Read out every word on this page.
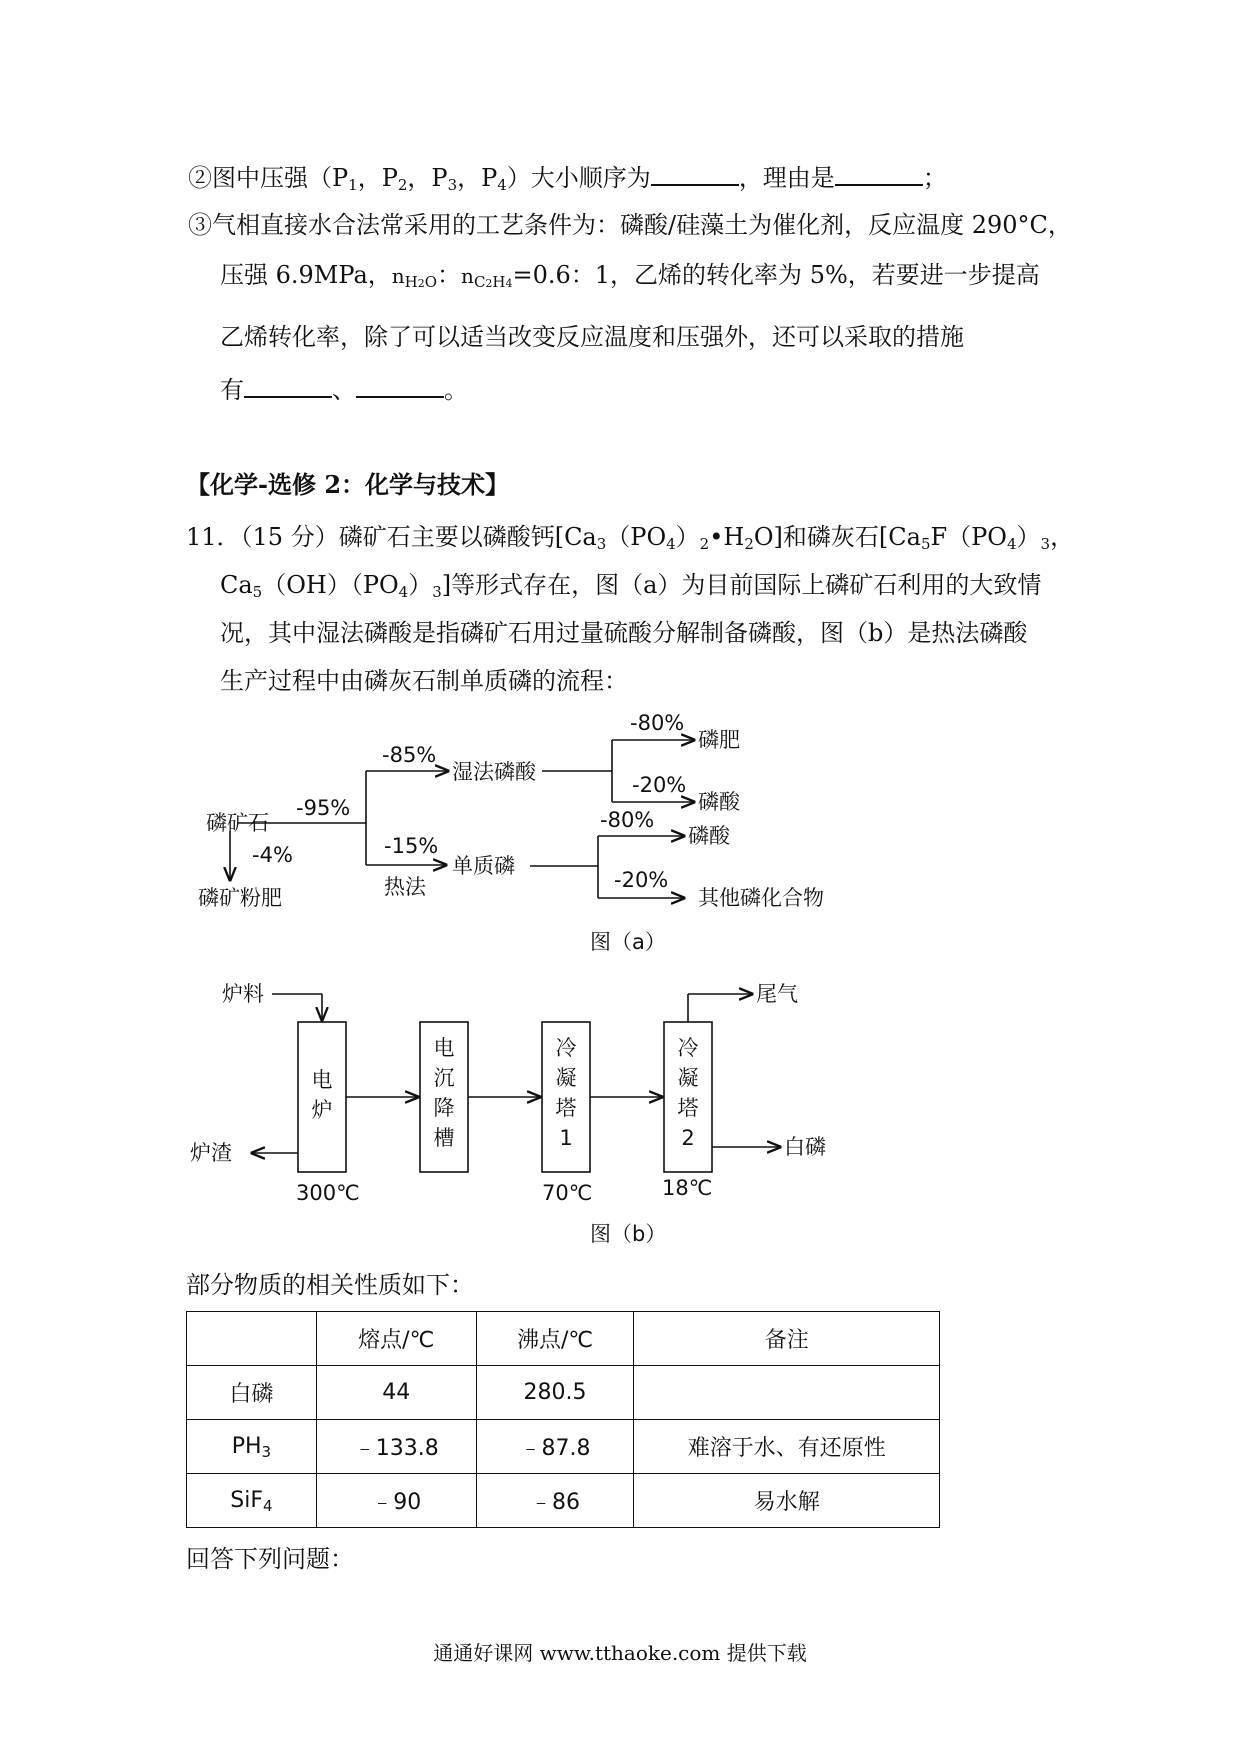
②图中压强（$P_1$，$P_2$，$P_3$，$P_4$）大小顺序为	，理由是	；
③气相直接水合法常采用的工艺条件为：磷酸/硅藻土为催化剂，反应温度 290°C，
压强 6.9MPa，$n_{H2O}$：$n_{C2H4}=0.6$：1，乙烯的转化率为 5%，若要进一步提高
乙烯转化率，除了可以适当改变反应温度和压强外，还可以采取的措施
有	、	。
【化学-选修 2：化学与技术】
11．（15 分）磷矿石主要以磷酸钙$[Ca_3(PO_4)_2•H_2O]$和磷灰石[$Ca_5F(PO_4)_3$，
$Ca_5(OH)(PO_4)_3$]等形式存在，图（a）为目前国际上磷矿石利用的大致情
况，其中湿法磷酸是指磷矿石用过量硫酸分解制备磷酸，图（b）是热法磷酸
生产过程中由磷灰石制单质磷的流程：
磷矿石
-95%
-4%
磷矿粉肥
-85%
湿法磷酸
-15%
热法
单质磷
-80%
磷肥
-20%
磷酸
-80%
磷酸
-20%
其他磷化合物
图（a）
炉料
炉渣
尾气
白磷
300℃	70℃	18℃
图（b）
电
炉
电
沉
降
槽
冷
凝
塔
1
冷
凝
塔
2
部分物质的相关性质如下：
	熔点/℃	沸点/℃	备注
白磷	44	280.5	
$PH_3$	﹣133.8	﹣87.8	难溶于水、有还原性
SiF$_4$	﹣90	﹣86	易水解
回答下列问题：
通通好课网 www.tthaoke.com 提供下载
